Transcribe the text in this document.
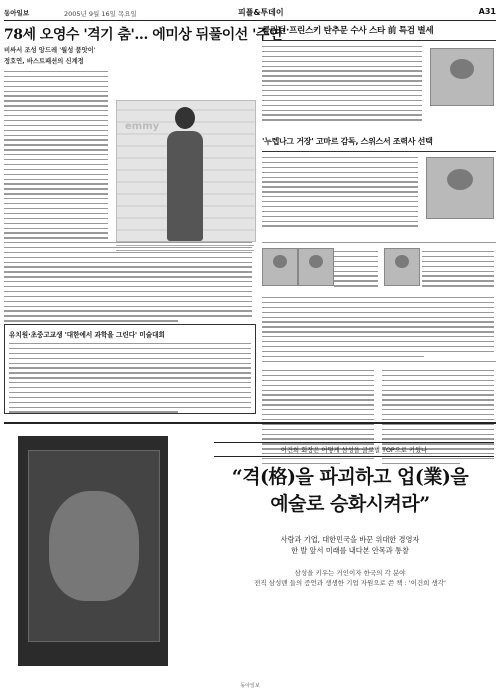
동아일보	2005년 9월 16일 목요일	피플&투데이	A31
78세 오영수 '격기 춤'… 에미상 뒤풀이선 '주연'
비싸서 조성 앙드레 '월성 품앗이'
정호연, 바스트패션의 신계정
emmy
유치원·초중고교생 '대한에서 과학을 그린다' 미술대회
클린턴·프린스키 탄추문 수사 스타 前 특검 별세
'누렙나그 거장' 고마르 감독, 스위스서 조력사 선택
이건희 회장은 어떻게 삼성을 글로벌 TOP으로 키웠나
“격(格)을 파괴하고 업(業)을
예술로 승화시켜라”
사람과 기업, 대한민국을 바꾼 위대한 경영자
한 발 앞서 미래를 내다본 안목과 통찰
삼성을 키우는 거인이자 한국의 각 분야
전직 삼성맨 들의 증언과 생생한 기업 자원으로 쓴 책 : '이건희 생각'
동아일보
